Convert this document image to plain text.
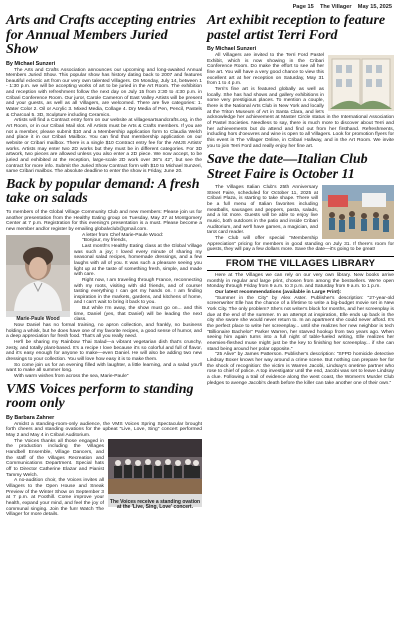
Page 15 The Villager May 15, 2025
Arts and Crafts accepting entries for Annual Members Juried Show
By Michael Sunzeri

The Arts and Crafts Association announces our upcoming and long-awaited Annual Members Juried Show. This popular show has history dating back to 2007 and features beautiful eclectic art from our very own talented Villagers. On Monday, July 14, between 1 - 1:30 p.m. we will be accepting works of art to be juried in the Art Room. The exhibition and reception with refreshment follow the next day on July 15 from 2:30 to 4:30 p.m. in Cribari Conference Room. Our juror, Carole Cameron of East Valley Artists will be present and your guests, as well as all Villagers, are welcomed. There are five categories: 1. Water Color 2. Oil or Acrylic 3. Mixed Media, Collage 4. Dry Media of Pen, Pencil, Pastels & Charcoal 5. 3D, Sculpture including Ceramics.

Artists will find a Contract entry form on our website at villagesartsandcrafts.org, in the Art Room, or in our Cribari Mail slot. All Artists must be Arts & Crafts members. If you are not a member, please submit $10 and a Membership application form to Claudia Welch and place it in our Cribari Mailbox. You can find that membership application on our website or Cribari mailbox. There is a single $10 Contract entry fee for the AMJS Artists' works. Artists may enter two 2D works but they must be in different categories. For 3D artwork, two pieces are allowed unless you also enter a 2D piece. We now accept, to be juried and exhibited at the reception, large-scale 2D work over 36"x 42", but see the contract for more info. Submit the Juried Show Contract form with $10 to Michael Sunzeri, same Cribari mailbox. The absolute deadline to enter the show is Friday, June 20.

Back by popular demand: A fresh take on salads

To members of the Global Village Community Club and new members: Please join us for another presentation from the Healthy Eating group on Tuesday, May 27 at Montgomery Center at 7 p.m. Registration for this evening's presentation is a must. Please become a new member and/or register by emailing globalvclub@gmail.com.

Marie-Paule Wood

A letter from Chef Marie-Paule Wood:

"Bonjour, my friends,

Last month's Healthy Eating class at the Global Village was such a joy; I loved every minute of sharing my seasonal salad recipes, homemade dressings, and a few laughs with all of you. It was such a pleasure seeing you light up at the taste of something fresh, simple, and made with care.

Right now, I am traveling through France, reconnecting with my roots, visiting with old friends, and of course! tasting everything I can get my hands on. I am finding inspiration in the markets, gardens, and kitchens of home, and I can't wait to bring it back to you.

But while I'm away, the show must go on... and this time, Daniel (yes, that Daniel) will be leading the next class.

Now Daniel has no formal training, no apron collection, and frankly, no business holding a whisk, but he does have one of my favorite recipes, a good sense of humor, and a deep appreciation for fresh food. That's all you really need.

He'll be sharing my Rainbow Thai Salad—a vibrant vegetarian dish that's crunchy, zesty, and totally plant-based. It's a recipe I love because it's so colorful and full of flavor, and it's easy enough for anyone to make—even Daniel. He will also be adding two new dressings to your collection. You will love how easy it is to make them.

So come join us for an evening filled with laughter, a little learning, and a salad you'll want to make all summer long.

With warm wishes from across the sea, Marie-Paule"

VMS Voices perform to standing room only
By Barbara Zahner

Amidst a standing-room-only audience, the VMS Voices Spring Spectacular brought forth cheers and standing ovations for the upbeat "Live, Love, Sing" concert performed May 2 and May 4 in Cribari Auditorium.

The Voices receive a standing ovation at the 'Live, Sing, Love' concert.

The Voices thanks all those engaged in the production including the Villages Handbell Ensemble, Village Dancers, and the staff of the Villages Recreation and Communications Department. Special hats off to Director Catherine Elazar and Pianist Tammy Welch.

A no-audition choir, the Voices invites all Villagers to the Open House and Sneak Preview of the Winter Show on September 3 at 7 p.m. at Foothill. Come improve your health, expand your mind, and feel the joy of communal singing. Join the fun! Watch The Villager for more details.

Art exhibit reception to feature pastel artist Terri Ford
By Michael Sunzeri

All Villagers are invited to the Terri Ford Pastel Exhibit, which is now showing in the Cribari Conference Room. Do make the effort to see all her fine art. You will have a very good chance to view this excellent art at her reception on Saturday, May 31 from 1 to 4 p.m.

Terri's fine art is featured globally as well as locally. She has had shows and gallery exhibitions in some very prestigious places. To mention a couple, there is the National Arts Club in New York and locally at the Triton Museum of Art in Santa Clara, and let's acknowledge her achievement at Master Circle status in the International Association of Pastel Societies. Needless to say, there is much more to discover about Terri and her achievements but do attend and find out from her firsthand. Refreshments, including hors d'oeuvres and wine is open to all Villagers. Look for promotion flyers for this event in The Villager Online, in Cribari Hallway, and in the Art Room. We invite you to join Terri Ford and really enjoy her fine art.

Save the date—Italian Club Street Faire is October 11

The Villages Italian Club's 25th Anniversary Street Faire, scheduled for October 11, 2025 at Cribari Plaza, is starting to take shape. There will be a full menu of Italian favorites including meatballs, sausages and peppers, pasta, salads, and a lot more. Guests will be able to enjoy live music, both outdoors in the patio and inside Cribari Auditorium, and we'll have games, a magician, and tarot card reader.

The Club will offer special "Membership Appreciation" pricing for members in good standing on July 31. If there's room for guests, they will pay a few dollars more. Save the date—it's going to be great!

FROM THE VILLAGES LIBRARY

Here at The Villages we can rely on our very own library. New books arrive monthly in regular and large print, chosen from among the bestsellers. We're open Monday through Friday from 9 a.m. to 3 p.m. and Saturday from 9 a.m. to 1 p.m.

Our latest recommendations (available in Large Print):

"Summer in the City" by Alex Aster. Publisher's description: "27-year-old screenwriter Elle has the chance of a lifetime to write a big-budget movie set in New York City. The only problem? She's not writer's block for months, and her screenplay is due at the end of the summer. In an attempt at inspiration, Elle ends up back in the city she swore she would never return to. In an apartment she could never afford. It's the perfect place to write her screenplay... until she realizes her new neighbor is tech "Billionaire Bachelor" Parker Warren, her starved hookup from two years ago. When seeing him again turns into a full night of table-fueled writing, Elle realizes her enemies-fleshed muse might just be the key to finishing her screenplay... if she can stand being around her polar opposite."

"25 Alive" by James Patterson. Publisher's description: "SFPD homicide detective Lindsay Boxer knows her way around a crime scene. But nothing can prepare her for the shock of recognition: the victim is Warren Jacobi, Lindsay's onetime partner who rose to chief of police. A top investigator until the end, Jacobi was set to leave Lindsay a clue. Following a trail of evidence along the west coast, the Women's Murder Club pledges to avenge Jacobi's death before the killer can take another one of their own."
